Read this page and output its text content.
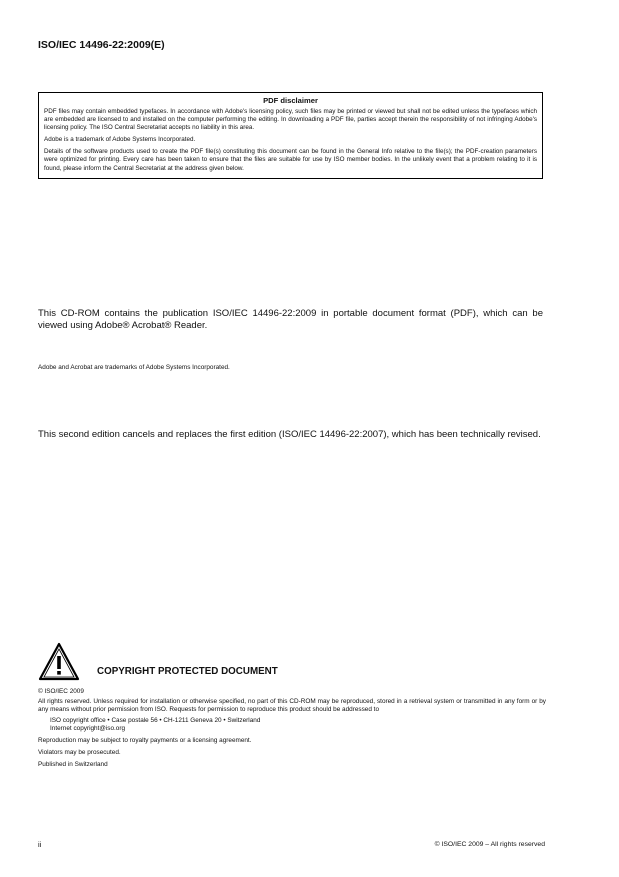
ISO/IEC 14496-22:2009(E)
PDF disclaimer

PDF files may contain embedded typefaces. In accordance with Adobe's licensing policy, such files may be printed or viewed but shall not be edited unless the typefaces which are embedded are licensed to and installed on the computer performing the editing. In downloading a PDF file, parties accept therein the responsibility of not infringing Adobe's licensing policy. The ISO Central Secretariat accepts no liability in this area.

Adobe is a trademark of Adobe Systems Incorporated.

Details of the software products used to create the PDF file(s) constituting this document can be found in the General Info relative to the file(s); the PDF-creation parameters were optimized for printing. Every care has been taken to ensure that the files are suitable for use by ISO member bodies. In the unlikely event that a problem relating to it is found, please inform the Central Secretariat at the address given below.

This CD-ROM contains the publication ISO/IEC 14496-22:2009 in portable document format (PDF), which can be viewed using Adobe® Acrobat® Reader.
Adobe and Acrobat are trademarks of Adobe Systems Incorporated.
This second edition cancels and replaces the first edition (ISO/IEC 14496-22:2007), which has been technically revised.
COPYRIGHT PROTECTED DOCUMENT

© ISO/IEC 2009

All rights reserved. Unless required for installation or otherwise specified, no part of this CD-ROM may be reproduced, stored in a retrieval system or transmitted in any form or by any means without prior permission from ISO. Requests for permission to reproduce this product should be addressed to

ISO copyright office • Case postale 56 • CH-1211 Geneva 20 • Switzerland

Internet copyright@iso.org

Reproduction may be subject to royalty payments or a licensing agreement.

Violators may be prosecuted.

Published in Switzerland

ii	© ISO/IEC 2009 – All rights reserved
